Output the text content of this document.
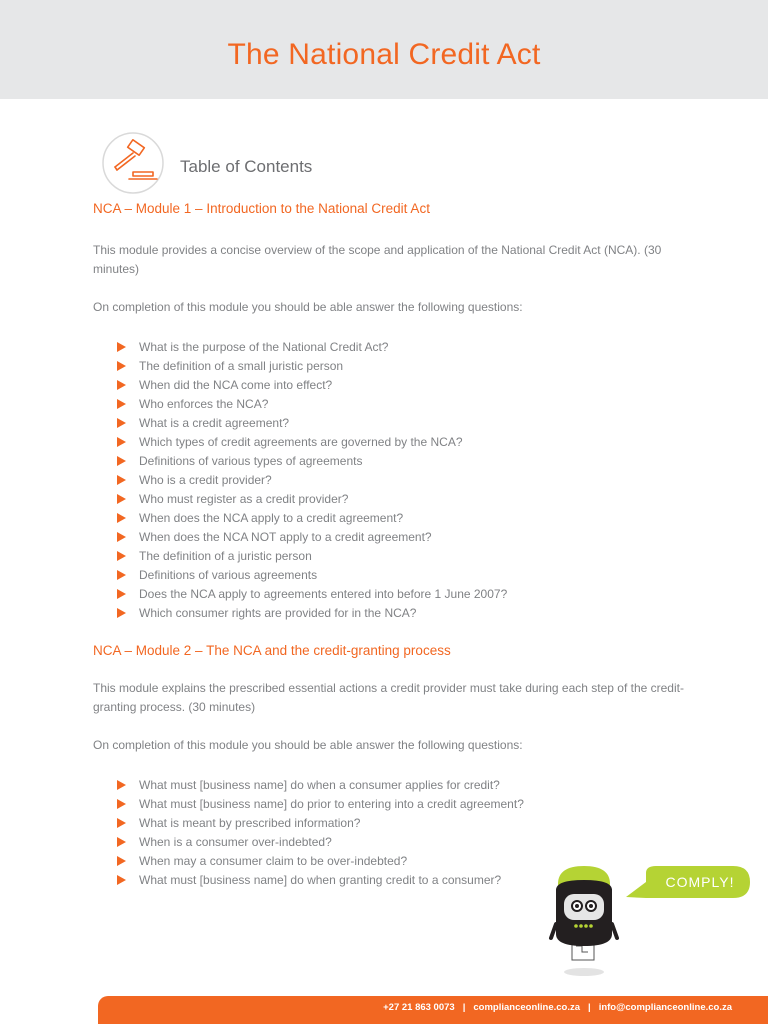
The National Credit Act
Table of Contents
NCA – Module 1 – Introduction to the National Credit Act
This module provides a concise overview of the scope and application of the National Credit Act (NCA). (30 minutes)
On completion of this module you should be able answer the following questions:
What is the purpose of the National Credit Act?
The definition of a small juristic person
When did the NCA come into effect?
Who enforces the NCA?
What is a credit agreement?
Which types of credit agreements are governed by the NCA?
Definitions of various types of agreements
Who is a credit provider?
Who must register as a credit provider?
When does the NCA apply to a credit agreement?
When does the NCA NOT apply to a credit agreement?
The definition of a juristic person
Definitions of various agreements
Does the NCA apply to agreements entered into before 1 June 2007?
Which consumer rights are provided for in the NCA?
NCA – Module 2 – The NCA and the credit-granting process
This module explains the prescribed essential actions a credit provider must take during each step of the credit-granting process. (30 minutes)
On completion of this module you should be able answer the following questions:
What must [business name] do when a consumer applies for credit?
What must [business name] do prior to entering into a credit agreement?
What is meant by prescribed information?
When is a consumer over-indebted?
When may a consumer claim to be over-indebted?
What must [business name] do when granting credit to a consumer?	COMPLY!
+27 21 863 0073 | complianceonline.co.za | info@complianceonline.co.za
